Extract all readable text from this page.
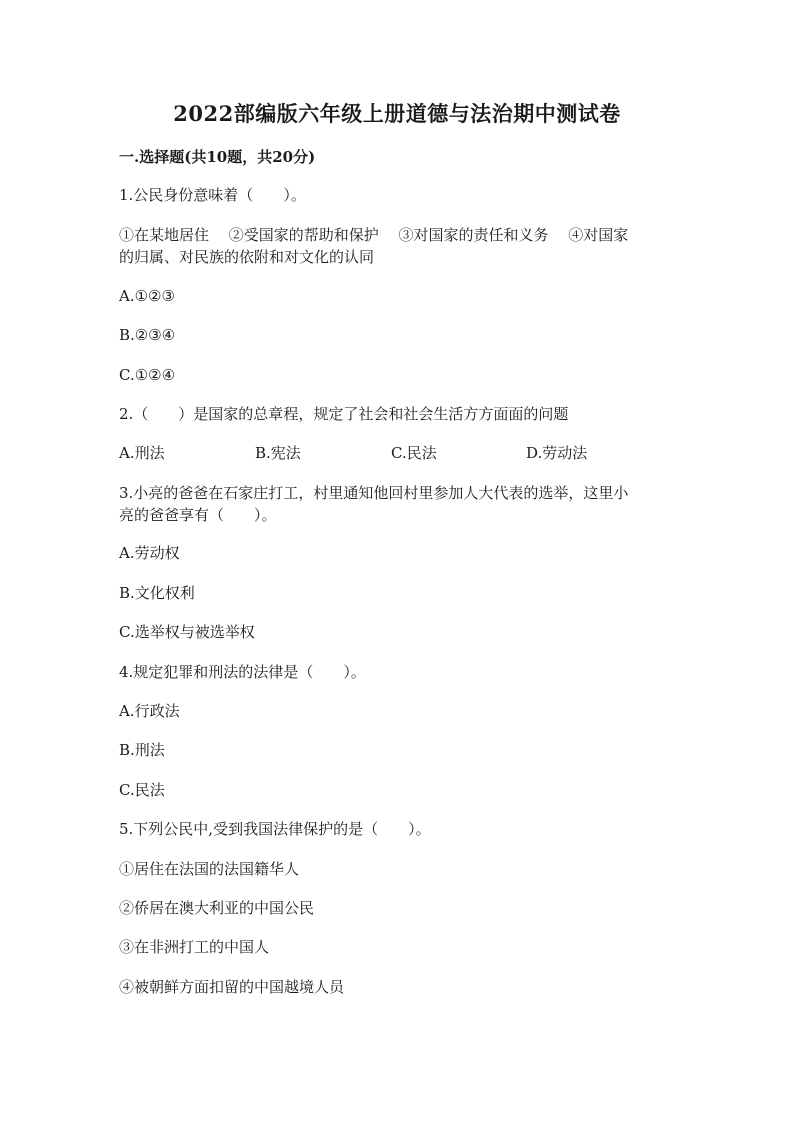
2022部编版六年级上册道德与法治期中测试卷
一.选择题(共10题，共20分)
1.公民身份意味着（　　）。
①在某地居住　 ②受国家的帮助和保护　 ③对国家的责任和义务　 ④对国家
的归属、对民族的依附和对文化的认同
A.①②③
B.②③④
C.①②④
2.（　　）是国家的总章程，规定了社会和社会生活方方面面的问题
A.刑法	B.宪法	C.民法	D.劳动法
3.小亮的爸爸在石家庄打工，村里通知他回村里参加人大代表的选举，这里小
亮的爸爸享有（　　）。
A.劳动权
B.文化权利
C.选举权与被选举权
4.规定犯罪和刑法的法律是（　　）。
A.行政法
B.刑法
C.民法
5.下列公民中,受到我国法律保护的是（　　）。
①居住在法国的法国籍华人
②侨居在澳大利亚的中国公民
③在非洲打工的中国人
④被朝鲜方面扣留的中国越境人员
